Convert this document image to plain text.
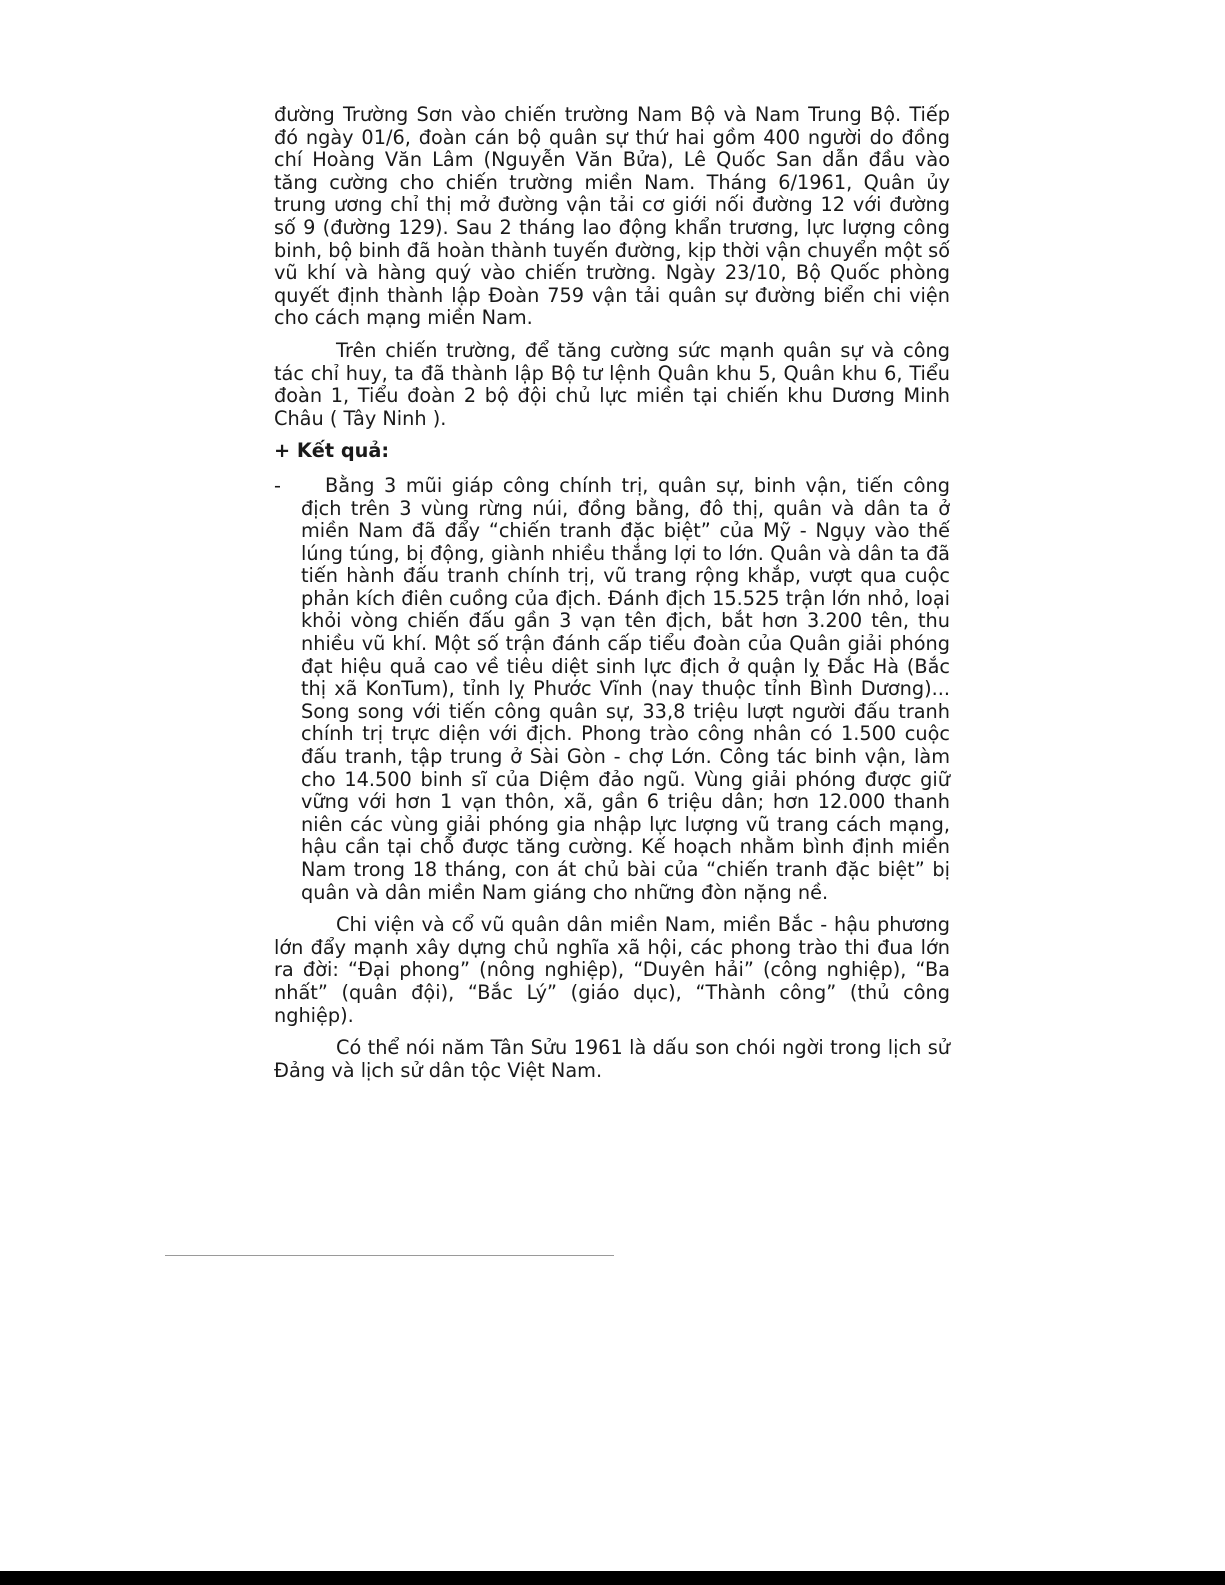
đường Trường Sơn vào chiến trường Nam Bộ và Nam Trung Bộ. Tiếp đó ngày 01/6, đoàn cán bộ quân sự thứ hai gồm 400 người do đồng chí Hoàng Văn Lâm (Nguyễn Văn Bửa), Lê Quốc San dẫn đầu vào tăng cường cho chiến trường miền Nam. Tháng 6/1961, Quân ủy trung ương chỉ thị mở đường vận tải cơ giới nối đường 12 với đường số 9 (đường 129). Sau 2 tháng lao động khẩn trương, lực lượng công binh, bộ binh đã hoàn thành tuyến đường, kịp thời vận chuyển một số vũ khí và hàng quý vào chiến trường. Ngày 23/10, Bộ Quốc phòng quyết định thành lập Đoàn 759 vận tải quân sự đường biển chi viện cho cách mạng miền Nam.

Trên chiến trường, để tăng cường sức mạnh quân sự và công tác chỉ huy, ta đã thành lập Bộ tư lệnh Quân khu 5, Quân khu 6, Tiểu đoàn 1, Tiểu đoàn 2 bộ đội chủ lực miền tại chiến khu Dương Minh Châu ( Tây Ninh ).

+ Kết quả:

- Bằng 3 mũi giáp công chính trị, quân sự, binh vận, tiến công địch trên 3 vùng rừng núi, đồng bằng, đô thị, quân và dân ta ở miền Nam đã đẩy “chiến tranh đặc biệt” của Mỹ - Ngụy vào thế lúng túng, bị động, giành nhiều thắng lợi to lớn. Quân và dân ta đã tiến hành đấu tranh chính trị, vũ trang rộng khắp, vượt qua cuộc phản kích điên cuồng của địch. Đánh địch 15.525 trận lớn nhỏ, loại khỏi vòng chiến đấu gần 3 vạn tên địch, bắt hơn 3.200 tên, thu nhiều vũ khí. Một số trận đánh cấp tiểu đoàn của Quân giải phóng đạt hiệu quả cao về tiêu diệt sinh lực địch ở quận lỵ Đắc Hà (Bắc thị xã KonTum), tỉnh lỵ Phước Vĩnh (nay thuộc tỉnh Bình Dương)... Song song với tiến công quân sự, 33,8 triệu lượt người đấu tranh chính trị trực diện với địch. Phong trào công nhân có 1.500 cuộc đấu tranh, tập trung ở Sài Gòn - chợ Lớn. Công tác binh vận, làm cho 14.500 binh sĩ của Diệm đảo ngũ. Vùng giải phóng được giữ vững với hơn 1 vạn thôn, xã, gần 6 triệu dân; hơn 12.000 thanh niên các vùng giải phóng gia nhập lực lượng vũ trang cách mạng, hậu cần tại chỗ được tăng cường. Kế hoạch nhằm bình định miền Nam trong 18 tháng, con át chủ bài của “chiến tranh đặc biệt” bị quân và dân miền Nam giáng cho những đòn nặng nề.

Chi viện và cổ vũ quân dân miền Nam, miền Bắc - hậu phương lớn đẩy mạnh xây dựng chủ nghĩa xã hội, các phong trào thi đua lớn ra đời: “Đại phong” (nông nghiệp), “Duyên hải” (công nghiệp), “Ba nhất” (quân đội), “Bắc Lý” (giáo dục), “Thành công” (thủ công nghiệp).

Có thể nói năm Tân Sửu 1961 là dấu son chói ngời trong lịch sử Đảng và lịch sử dân tộc Việt Nam.
